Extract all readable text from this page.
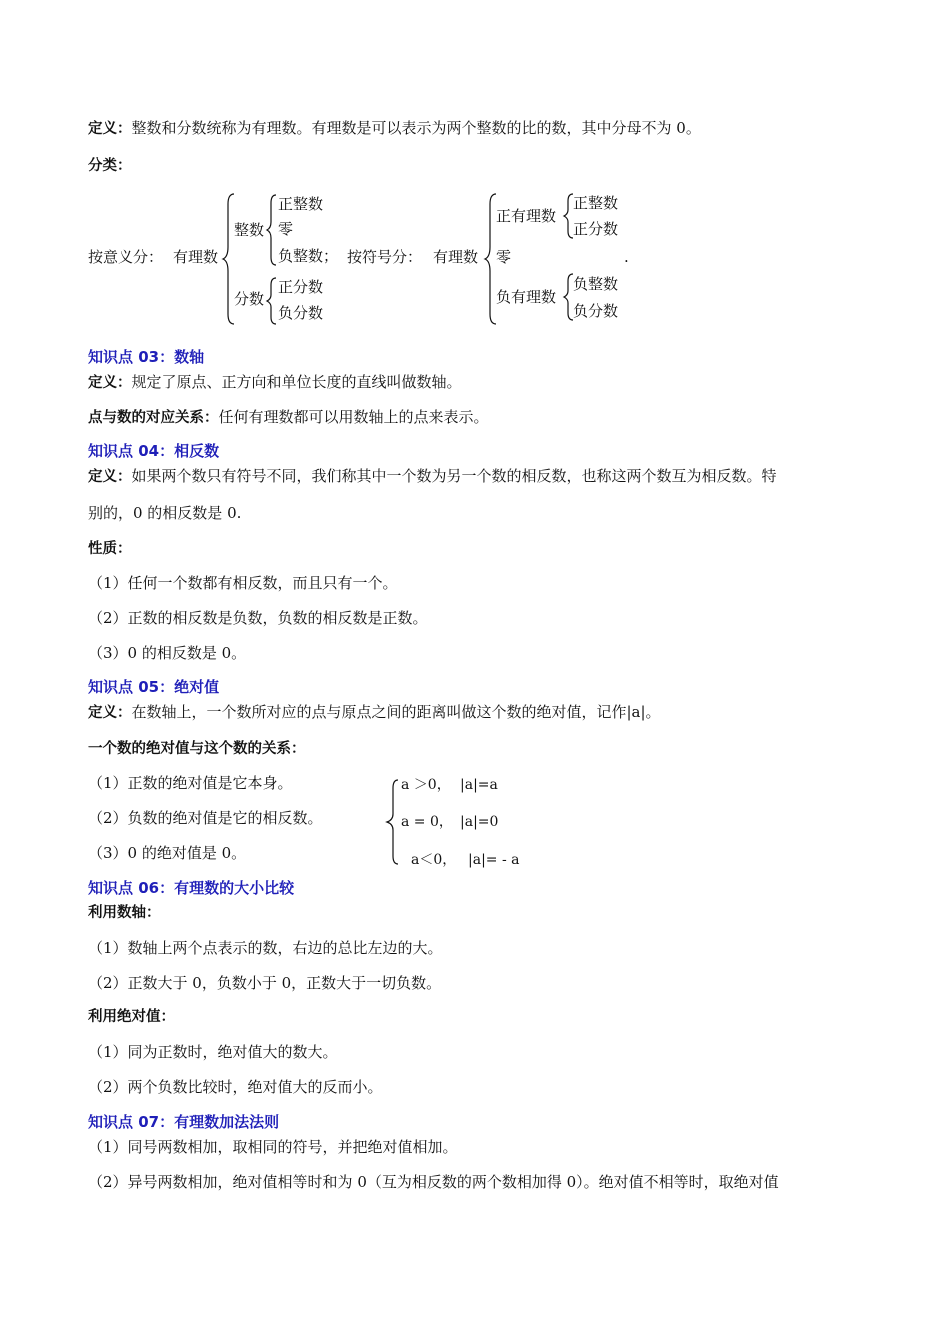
定义：整数和分数统称为有理数。有理数是可以表示为两个整数的比的数，其中分母不为 0。
分类：
按意义分： 有理数
整数
正整数
零
负整数；
分数
正分数
负分数
按符号分： 有理数
正有理数
正整数
正分数
零	.
负有理数
负整数
负分数
知识点 03：数轴
定义：规定了原点、正方向和单位长度的直线叫做数轴。
点与数的对应关系：任何有理数都可以用数轴上的点来表示。
知识点 04：相反数
定义：如果两个数只有符号不同，我们称其中一个数为另一个数的相反数，也称这两个数互为相反数。特
别的，0 的相反数是 0.
性质：
（1）任何一个数都有相反数，而且只有一个。
（2）正数的相反数是负数，负数的相反数是正数。
（3）0 的相反数是 0。
知识点 05：绝对值
定义：在数轴上，一个数所对应的点与原点之间的距离叫做这个数的绝对值，记作|a|。
一个数的绝对值与这个数的关系：
（1）正数的绝对值是它本身。
（2）负数的绝对值是它的相反数。
（3）0 的绝对值是 0。
a ＞0， |a|=a
a = 0， |a|=0
a＜0， |a|= - a
知识点 06：有理数的大小比较
利用数轴：
（1）数轴上两个点表示的数，右边的总比左边的大。
（2）正数大于 0，负数小于 0，正数大于一切负数。
利用绝对值：
（1）同为正数时，绝对值大的数大。
（2）两个负数比较时，绝对值大的反而小。
知识点 07：有理数加法法则
（1）同号两数相加，取相同的符号，并把绝对值相加。
（2）异号两数相加，绝对值相等时和为 0（互为相反数的两个数相加得 0）。绝对值不相等时，取绝对值
